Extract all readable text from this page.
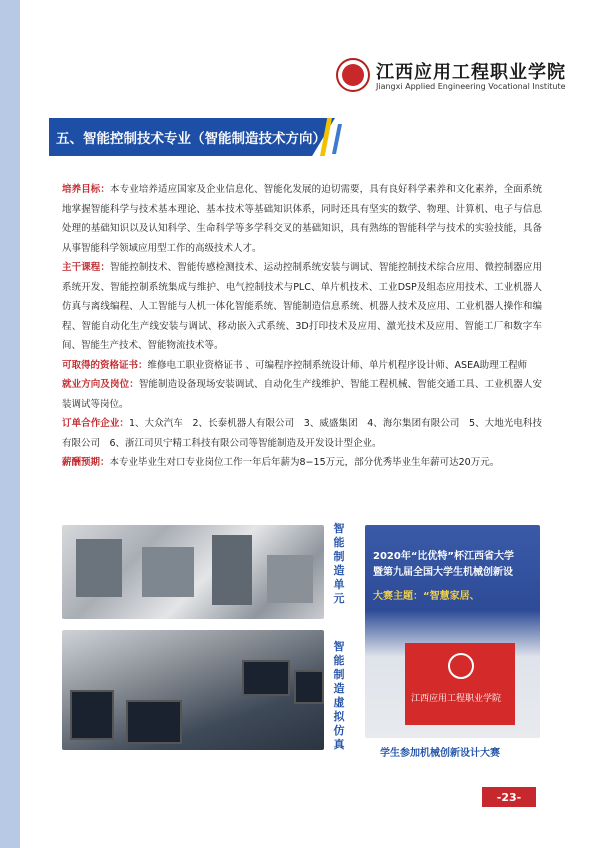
江西应用工程职业学院
Jiangxi Applied Engineering Vocational Institute
五、智能控制技术专业（智能制造技术方向）

培养目标：本专业培养适应国家及企业信息化、智能化发展的迫切需要，具有良好科学素养和文化素养，全面系统地掌握智能科学与技术基本理论、基本技术等基础知识体系，同时还具有坚实的数学、物理、计算机、电子与信息处理的基础知识以及认知科学、生命科学等多学科交叉的基础知识，具有熟练的智能科学与技术的实验技能，具备从事智能科学领域应用型工作的高级技术人才。

主干课程：智能控制技术、智能传感检测技术、运动控制系统安装与调试、智能控制技术综合应用、微控制器应用系统开发、智能控制系统集成与维护、电气控制技术与PLC、单片机技术、工业DSP及组态应用技术、工业机器人仿真与离线编程、人工智能与人机一体化智能系统、智能制造信息系统、机器人技术及应用、工业机器人操作和编程、智能自动化生产线安装与调试、移动嵌入式系统、3D打印技术及应用、激光技术及应用、智能工厂和数字车间、智能生产技术、智能物流技术等。

可取得的资格证书：维修电工职业资格证书 、可编程序控制系统设计师、单片机程序设计师、ASEA助理工程师

就业方向及岗位：智能制造设备现场安装调试、自动化生产线维护、智能工程机械、智能交通工具、工业机器人安装调试等岗位。

订单合作企业：1、大众汽车　2、长泰机器人有限公司　3、威盛集团　4、海尔集团有限公司　5、大地光电科技有限公司　6、浙江司贝宁精工科技有限公司等智能制造及开发设计型企业。

薪酬预期：本专业毕业生对口专业岗位工作一年后年薪为8−15万元，部分优秀毕业生年薪可达20万元。

智能制造单元
智能制造虚拟仿真
2020年“比优特”杯江西省大学
暨第九届全国大学生机械创新设
大赛主题：“智慧家居、
江西应用工程职业学院
学生参加机械创新设计大赛
-23-
